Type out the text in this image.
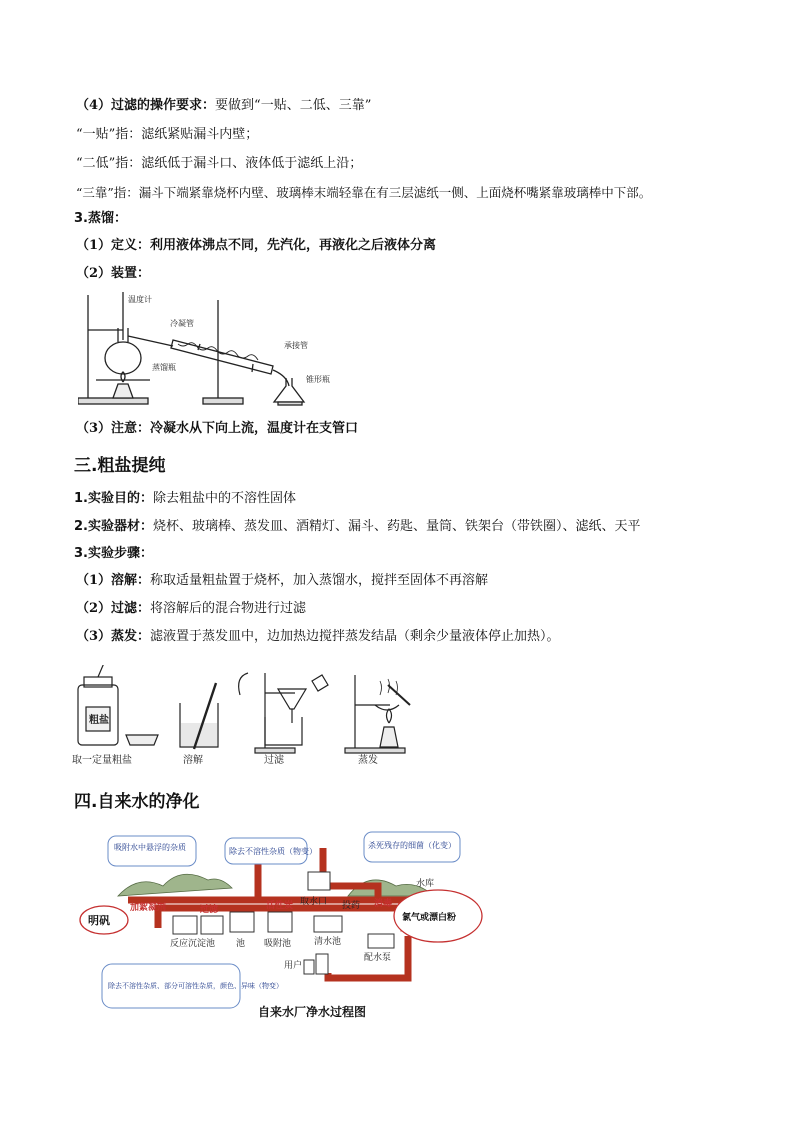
（4）过滤的操作要求：要做到“一贴、二低、三靠”
“一贴”指：滤纸紧贴漏斗内壁；
“二低”指：滤纸低于漏斗口、液体低于滤纸上沿；
“三靠”指：漏斗下端紧靠烧杯内壁、玻璃棒末端轻靠在有三层滤纸一侧、上面烧杯嘴紧靠玻璃棒中下部。
3.蒸馏：
（1）定义：利用液体沸点不同，先汽化，再液化之后液体分离
（2）装置：
温度计
冷凝管
蒸馏瓶
承接管
锥形瓶
（3）注意：冷凝水从下向上流，温度计在支管口
三.粗盐提纯
1.实验目的：除去粗盐中的不溶性固体
2.实验器材：烧杯、玻璃棒、蒸发皿、酒精灯、漏斗、药匙、量筒、铁架台（带铁圈）、滤纸、天平
3.实验步骤：
（1）溶解：称取适量粗盐置于烧杯，加入蒸馏水，搅拌至固体不再溶解
（2）过滤：将溶解后的混合物进行过滤
（3）蒸发：滤液置于蒸发皿中，边加热边搅拌蒸发结晶（剩余少量液体停止加热）。
粗盐
取一定量粗盐	溶解	过滤	蒸发
四.自来水的净化
吸附水中悬浮的杂质	除去不溶性杂质（物变）
杀死残存的细菌（化变）
除去不溶性杂质、部分可溶性杂质，颜色、异味（物变）
明矾	氯气或漂白粉
加絮凝剂	过滤	活性炭	消毒
取水口 投药
水库
反应沉淀池 池 吸附池	清水池
配水泵
用户
自来水厂净水过程图
